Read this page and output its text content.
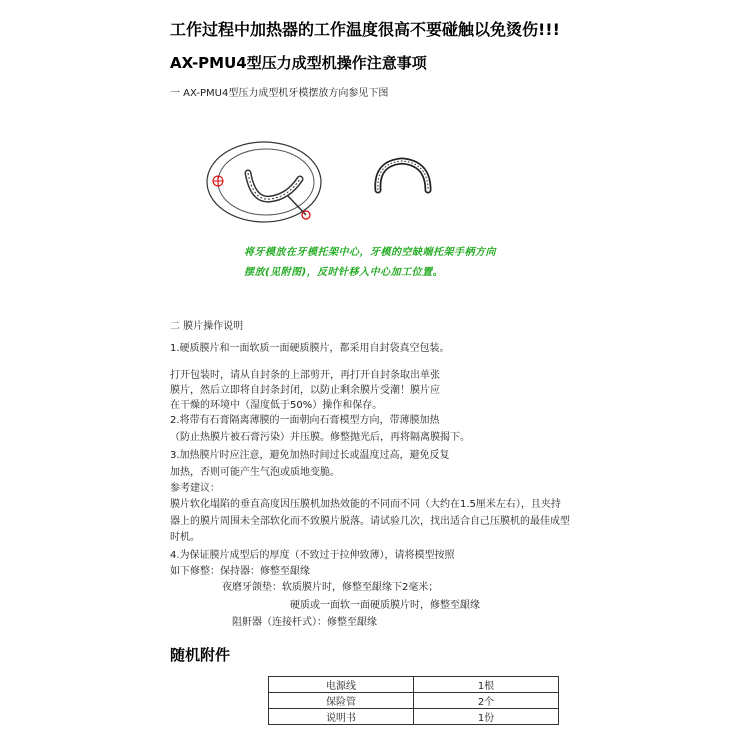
工作过程中加热器的工作温度很高不要碰触以免烫伤!!!
AX-PMU4型压力成型机操作注意事项
一 AX-PMU4型压力成型机牙模摆放方向参见下图
将牙模放在牙模托架中心，牙模的空缺端托架手柄方向
摆放(见附图)，反时针移入中心加工位置。
二 膜片操作说明
1.硬质膜片和一面软质一面硬质膜片，都采用自封袋真空包装。
打开包装时，请从自封条的上部剪开，再打开自封条取出单张
膜片，然后立即将自封条封闭，以防止剩余膜片受潮！膜片应
在干燥的环境中（湿度低于50%）操作和保存。
2.将带有石膏隔离薄膜的一面朝向石膏模型方向，带薄膜加热
（防止热膜片被石膏污染）并压膜。修整抛光后，再将隔离膜揭下。
3.加热膜片时应注意，避免加热时间过长或温度过高，避免反复
加热，否则可能产生气泡或质地变脆。
参考建议：
膜片软化塌陷的垂直高度因压膜机加热效能的不同而不同（大约在1.5厘米左右），且夹持
器上的膜片周围未全部软化而不致膜片脱落。请试验几次，找出适合自己压膜机的最佳成型
时机。
4.为保证膜片成型后的厚度（不致过于拉伸致薄），请将模型按照
如下修整：保持器：修整至龈缘
夜磨牙颌垫：软质膜片时，修整至龈缘下2毫米；
硬质或一面软一面硬质膜片时，修整至龈缘
阻鼾器（连接杆式）：修整至龈缘
随机附件
电源线	1根
保险管	2个
说明书	1份
